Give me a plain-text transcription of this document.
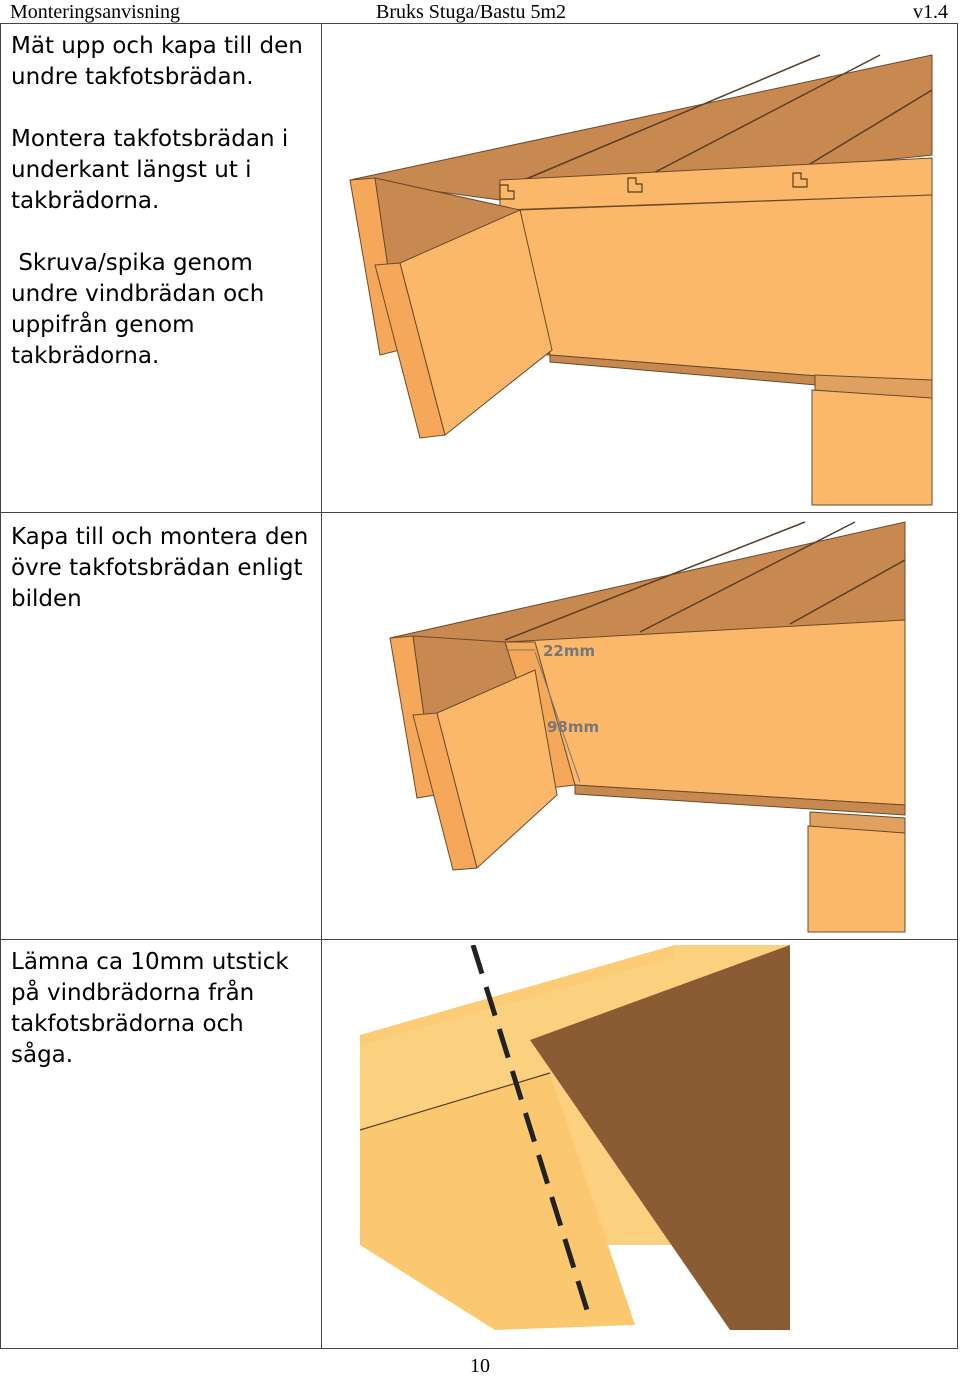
Monteringsanvisning	Bruks Stuga/Bastu 5m2	v1.4

Mät upp och kapa till den undre takfotsbrädan.

Montera takfotsbrädan i underkant längst ut i takbrädorna.

Skruva/spika genom undre vindbrädan och uppifrån genom takbrädorna.

Kapa till och montera den övre takfotsbrädan enligt bilden

22mm
98mm

Lämna ca 10mm utstick på vindbrädorna från takfotsbrädorna och såga.

10
